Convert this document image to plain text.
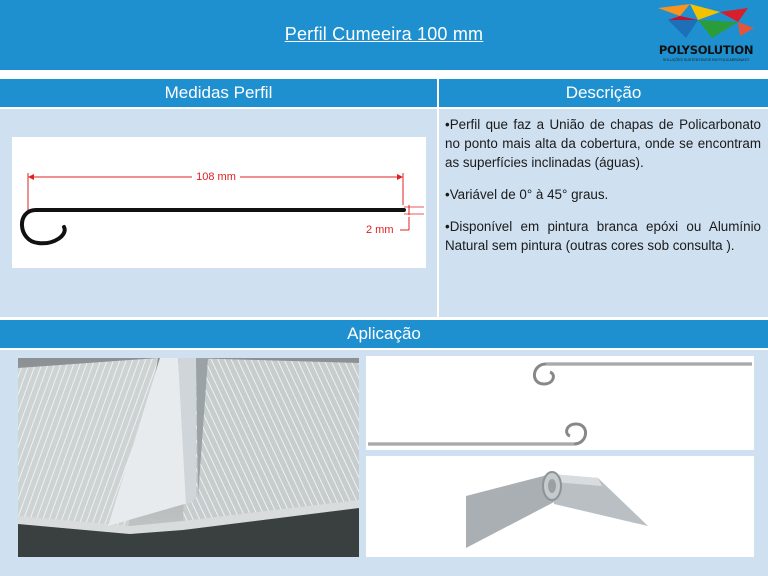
Perfil Cumeeira 100 mm
POLYSOLUTION
SOLUÇÕES SUSTENTÁVEIS EM POLICARBONATO
Medidas Perfil	Descrição
108 mm
2 mm

•Perfil que faz a União de chapas de Policarbonato no ponto mais alta da cobertura, onde se encontram as superfícies inclinadas (águas).

•Variável de 0° à 45° graus.

•Disponível em pintura branca epóxi ou Alumínio Natural sem pintura (outras cores sob consulta ).

Aplicação
